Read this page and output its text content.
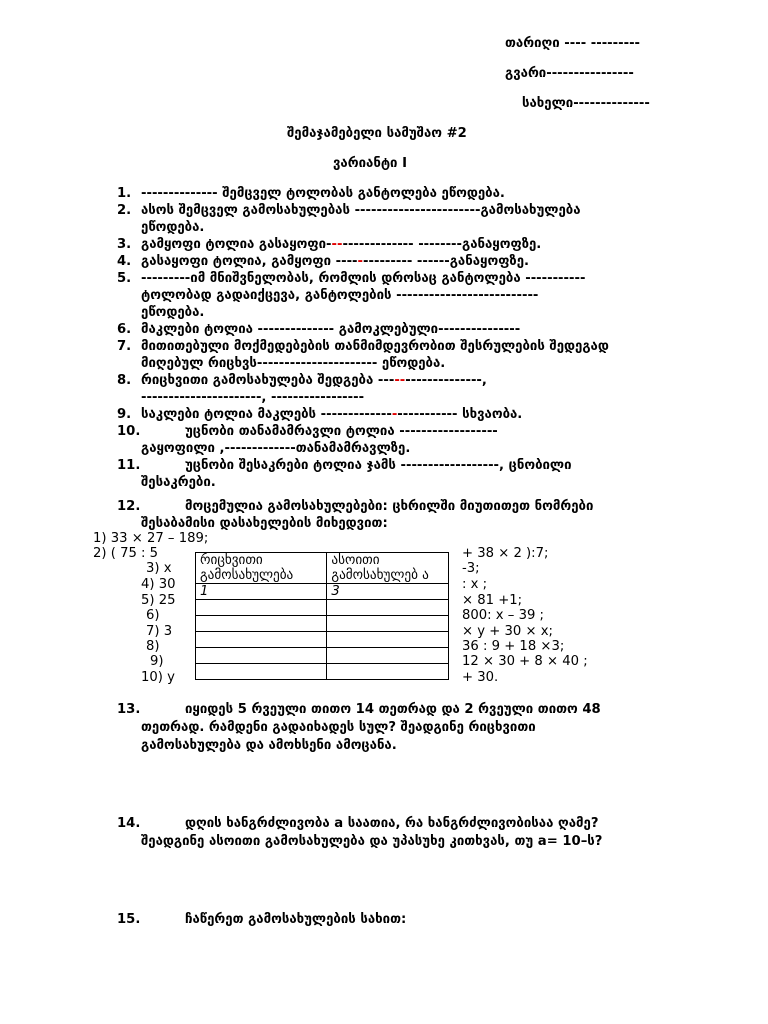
თარიღი ---- ---------
გვარი----------------
სახელი--------------
შემაჯამებელი სამუშაო #2
ვარიანტი I
1. -------------- შემცველ ტოლობას განტოლება ეწოდება.
2. ასოს შემცველ გამოსახულებას -----------------------გამოსახულება
ეწოდება.
3. გამყოფი ტოლია გასაყოფი---------------- --------განაყოფზე.
4. გასაყოფი ტოლია, გამყოფი -------------- ------განაყოფზე.
5. ---------იმ მნიშვნელობას, რომლის დროსაც განტოლება -----------
ტოლობად გადაიქცევა, განტოლების --------------------------
ეწოდება.
6. მაკლები ტოლია -------------- გამოკლებული---------------
7. მითითებული მოქმედებების თანმიმდევრობით შესრულების შედეგად
მიღებულ რიცხვს---------------------- ეწოდება.
8. რიცხვითი გამოსახულება შედგება -------------------,
----------------------, -----------------
9. საკლები ტოლია მაკლებს ------------------------- სხვაობა.
10.	უცნობი თანამამრავლი ტოლია ------------------
გაყოფილი ,-------------თანამამრავლზე.
11.	უცნობი შესაკრები ტოლია ჯამს ------------------, ცნობილი
შესაკრები.
12.	მოცემულია გამოსახულებები: ცხრილში მიუთითეთ ნომრები
შესაბამისი დასახელების მიხედვით:
1) 33 × 27 – 189;
2) ( 75 : 5
3) x
4) 30
5) 25
6)
7) 3
8)
9)
10) y
+ 38 × 2 ):7;
-3;
: x ;
× 81 +1;
800: x – 39 ;
× y + 30 × x;
36 : 9 + 18 ×3;
12 × 30 + 8 × 40 ;
+ 30.
რიცხვითი გამოსახულება	ასოითი გამოსახულებ ა
1	3

13.	იყიდეს 5 რვეული თითო 14 თეთრად და 2 რვეული თითო 48
თეთრად. რამდენი გადაიხადეს სულ? შეადგინე რიცხვითი
გამოსახულება და ამოხსენი ამოცანა.
14.	დღის ხანგრძლივობა a საათია, რა ხანგრძლივობისაა ღამე?
შეადგინე ასოითი გამოსახულება და უპასუხე კითხვას, თუ a= 10–ს?
15.	ჩაწერეთ გამოსახულების სახით:
